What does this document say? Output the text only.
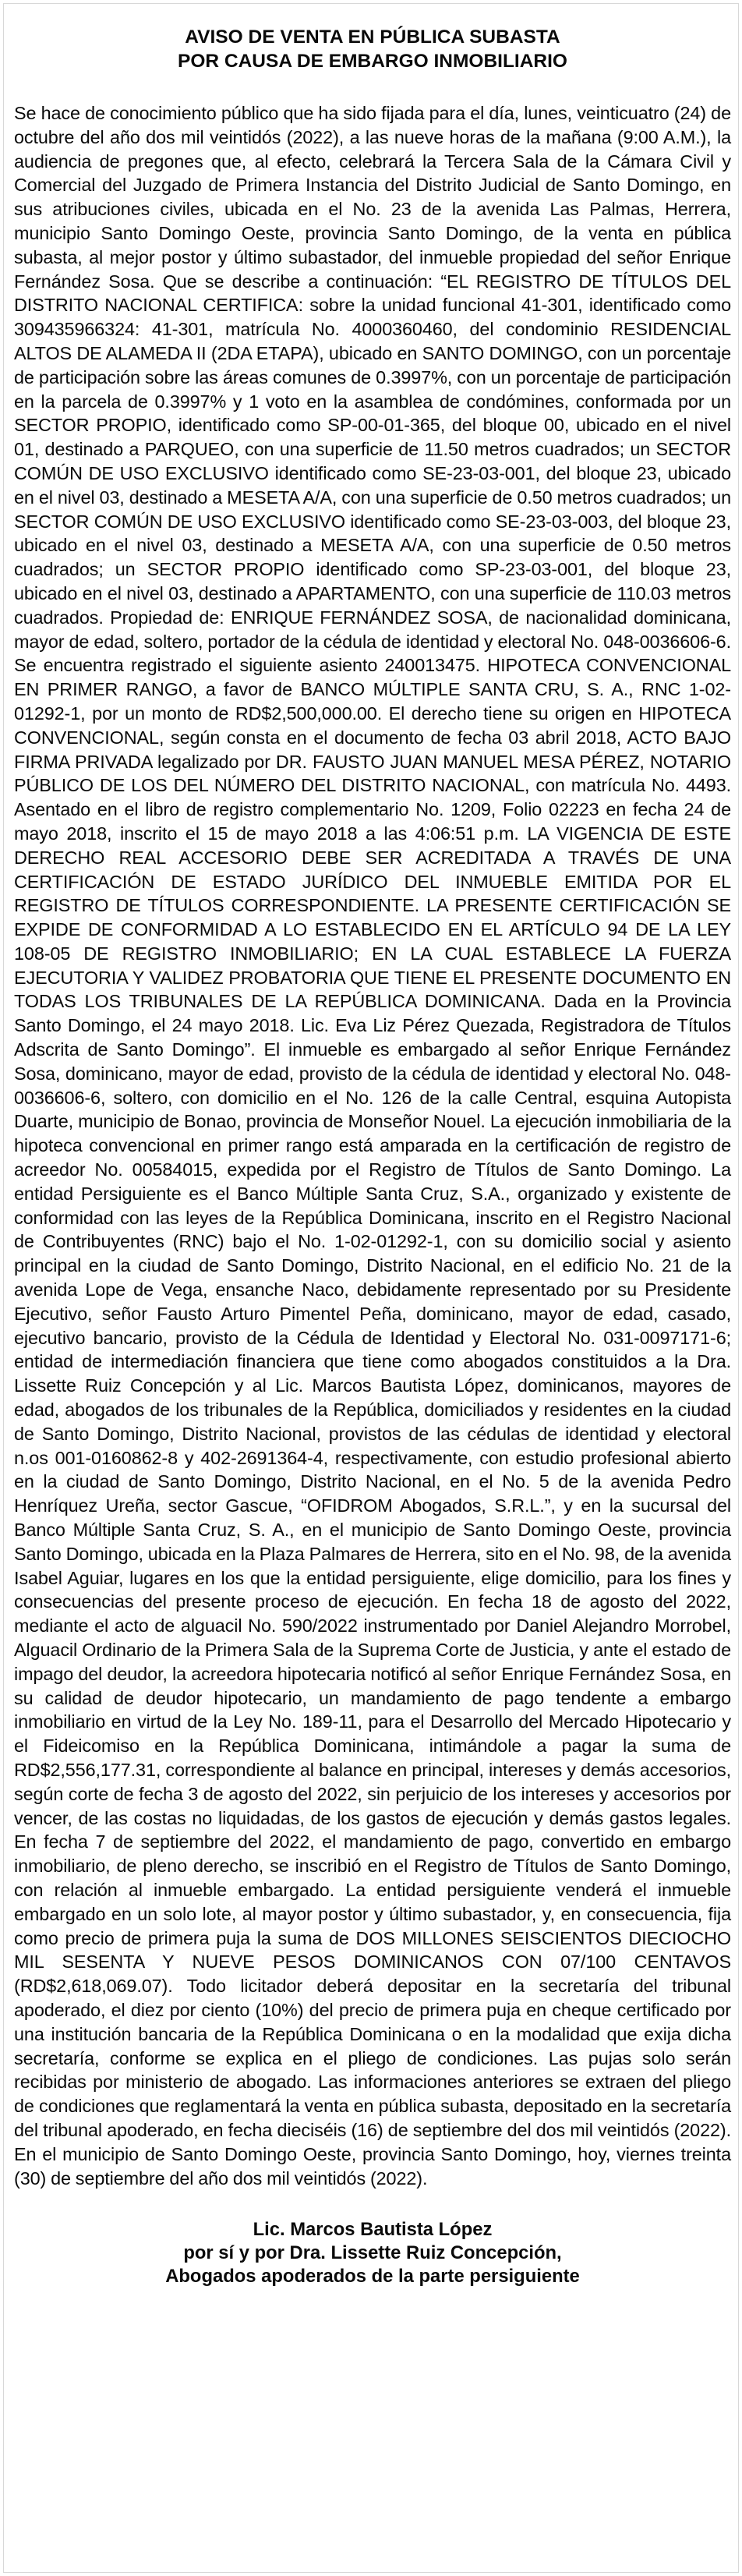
AVISO DE VENTA EN PÚBLICA SUBASTA
POR CAUSA DE EMBARGO INMOBILIARIO

Se hace de conocimiento público que ha sido fijada para el día, lunes, veinticuatro (24) de octubre del año dos mil veintidós (2022), a las nueve horas de la mañana (9:00 A.M.), la audiencia de pregones que, al efecto, celebrará la Tercera Sala de la Cámara Civil y Comercial del Juzgado de Primera Instancia del Distrito Judicial de Santo Domingo, en sus atribuciones civiles, ubicada en el No. 23 de la avenida Las Palmas, Herrera, municipio Santo Domingo Oeste, provincia Santo Domingo, de la venta en pública subasta, al mejor postor y último subastador, del inmueble propiedad del señor Enrique Fernández Sosa. Que se describe a continuación: “EL REGISTRO DE TÍTULOS DEL DISTRITO NACIONAL CERTIFICA: sobre la unidad funcional 41-301, identificado como 309435966324: 41-301, matrícula No. 4000360460, del condominio RESIDENCIAL ALTOS DE ALAMEDA II (2DA ETAPA), ubicado en SANTO DOMINGO, con un porcentaje de participación sobre las áreas comunes de 0.3997%, con un porcentaje de participación en la parcela de 0.3997% y 1 voto en la asamblea de condómines, conformada por un SECTOR PROPIO, identificado como SP-00-01-365, del bloque 00, ubicado en el nivel 01, destinado a PARQUEO, con una superficie de 11.50 metros cuadrados; un SECTOR COMÚN DE USO EXCLUSIVO identificado como SE-23-03-001, del bloque 23, ubicado en el nivel 03, destinado a MESETA A/A, con una superficie de 0.50 metros cuadrados; un SECTOR COMÚN DE USO EXCLUSIVO identificado como SE-23-03-003, del bloque 23, ubicado en el nivel 03, destinado a MESETA A/A, con una superficie de 0.50 metros cuadrados; un SECTOR PROPIO identificado como SP-23-03-001, del bloque 23, ubicado en el nivel 03, destinado a APARTAMENTO, con una superficie de 110.03 metros cuadrados. Propiedad de: ENRIQUE FERNÁNDEZ SOSA, de nacionalidad dominicana, mayor de edad, soltero, portador de la cédula de identidad y electoral No. 048-0036606-6. Se encuentra registrado el siguiente asiento 240013475. HIPOTECA CONVENCIONAL EN PRIMER RANGO, a favor de BANCO MÚLTIPLE SANTA CRU, S. A., RNC 1-02-01292-1, por un monto de RD$2,500,000.00. El derecho tiene su origen en HIPOTECA CONVENCIONAL, según consta en el documento de fecha 03 abril 2018, ACTO BAJO FIRMA PRIVADA legalizado por DR. FAUSTO JUAN MANUEL MESA PÉREZ, NOTARIO PÚBLICO DE LOS DEL NÚMERO DEL DISTRITO NACIONAL, con matrícula No. 4493. Asentado en el libro de registro complementario No. 1209, Folio 02223 en fecha 24 de mayo 2018, inscrito el 15 de mayo 2018 a las 4:06:51 p.m. LA VIGENCIA DE ESTE DERECHO REAL ACCESORIO DEBE SER ACREDITADA A TRAVÉS DE UNA CERTIFICACIÓN DE ESTADO JURÍDICO DEL INMUEBLE EMITIDA POR EL REGISTRO DE TÍTULOS CORRESPONDIENTE. LA PRESENTE CERTIFICACIÓN SE EXPIDE DE CONFORMIDAD A LO ESTABLECIDO EN EL ARTÍCULO 94 DE LA LEY 108-05 DE REGISTRO INMOBILIARIO; EN LA CUAL ESTABLECE LA FUERZA EJECUTORIA Y VALIDEZ PROBATORIA QUE TIENE EL PRESENTE DOCUMENTO EN TODAS LOS TRIBUNALES DE LA REPÚBLICA DOMINICANA. Dada en la Provincia Santo Domingo, el 24 mayo 2018. Lic. Eva Liz Pérez Quezada, Registradora de Títulos Adscrita de Santo Domingo”. El inmueble es embargado al señor Enrique Fernández Sosa, dominicano, mayor de edad, provisto de la cédula de identidad y electoral No. 048-0036606-6, soltero, con domicilio en el No. 126 de la calle Central, esquina Autopista Duarte, municipio de Bonao, provincia de Monseñor Nouel. La ejecución inmobiliaria de la hipoteca convencional en primer rango está amparada en la certificación de registro de acreedor No. 00584015, expedida por el Registro de Títulos de Santo Domingo. La entidad Persiguiente es el Banco Múltiple Santa Cruz, S.A., organizado y existente de conformidad con las leyes de la República Dominicana, inscrito en el Registro Nacional de Contribuyentes (RNC) bajo el No. 1-02-01292-1, con su domicilio social y asiento principal en la ciudad de Santo Domingo, Distrito Nacional, en el edificio No. 21 de la avenida Lope de Vega, ensanche Naco, debidamente representado por su Presidente Ejecutivo, señor Fausto Arturo Pimentel Peña, dominicano, mayor de edad, casado, ejecutivo bancario, provisto de la Cédula de Identidad y Electoral No. 031-0097171-6; entidad de intermediación financiera que tiene como abogados constituidos a la Dra. Lissette Ruiz Concepción y al Lic. Marcos Bautista López, dominicanos, mayores de edad, abogados de los tribunales de la República, domiciliados y residentes en la ciudad de Santo Domingo, Distrito Nacional, provistos de las cédulas de identidad y electoral n.os 001-0160862-8 y 402-2691364-4, respectivamente, con estudio profesional abierto en la ciudad de Santo Domingo, Distrito Nacional, en el No. 5 de la avenida Pedro Henríquez Ureña, sector Gascue, “OFIDROM Abogados, S.R.L.”, y en la sucursal del Banco Múltiple Santa Cruz, S. A., en el municipio de Santo Domingo Oeste, provincia Santo Domingo, ubicada en la Plaza Palmares de Herrera, sito en el No. 98, de la avenida Isabel Aguiar, lugares en los que la entidad persiguiente, elige domicilio, para los fines y consecuencias del presente proceso de ejecución. En fecha 18 de agosto del 2022, mediante el acto de alguacil No. 590/2022 instrumentado por Daniel Alejandro Morrobel, Alguacil Ordinario de la Primera Sala de la Suprema Corte de Justicia, y ante el estado de impago del deudor, la acreedora hipotecaria notificó al señor Enrique Fernández Sosa, en su calidad de deudor hipotecario, un mandamiento de pago tendente a embargo inmobiliario en virtud de la Ley No. 189-11, para el Desarrollo del Mercado Hipotecario y el Fideicomiso en la República Dominicana, intimándole a pagar la suma de RD$2,556,177.31, correspondiente al balance en principal, intereses y demás accesorios, según corte de fecha 3 de agosto del 2022, sin perjuicio de los intereses y accesorios por vencer, de las costas no liquidadas, de los gastos de ejecución y demás gastos legales. En fecha 7 de septiembre del 2022, el mandamiento de pago, convertido en embargo inmobiliario, de pleno derecho, se inscribió en el Registro de Títulos de Santo Domingo, con relación al inmueble embargado. La entidad persiguiente venderá el inmueble embargado en un solo lote, al mayor postor y último subastador, y, en consecuencia, fija como precio de primera puja la suma de DOS MILLONES SEISCIENTOS DIECIOCHO MIL SESENTA Y NUEVE PESOS DOMINICANOS CON 07/100 CENTAVOS (RD$2,618,069.07). Todo licitador deberá depositar en la secretaría del tribunal apoderado, el diez por ciento (10%) del precio de primera puja en cheque certificado por una institución bancaria de la República Dominicana o en la modalidad que exija dicha secretaría, conforme se explica en el pliego de condiciones. Las pujas solo serán recibidas por ministerio de abogado. Las informaciones anteriores se extraen del pliego de condiciones que reglamentará la venta en pública subasta, depositado en la secretaría del tribunal apoderado, en fecha dieciséis (16) de septiembre del dos mil veintidós (2022). En el municipio de Santo Domingo Oeste, provincia Santo Domingo, hoy, viernes treinta (30) de septiembre del año dos mil veintidós (2022).

Lic. Marcos Bautista López
por sí y por Dra. Lissette Ruiz Concepción,
Abogados apoderados de la parte persiguiente
